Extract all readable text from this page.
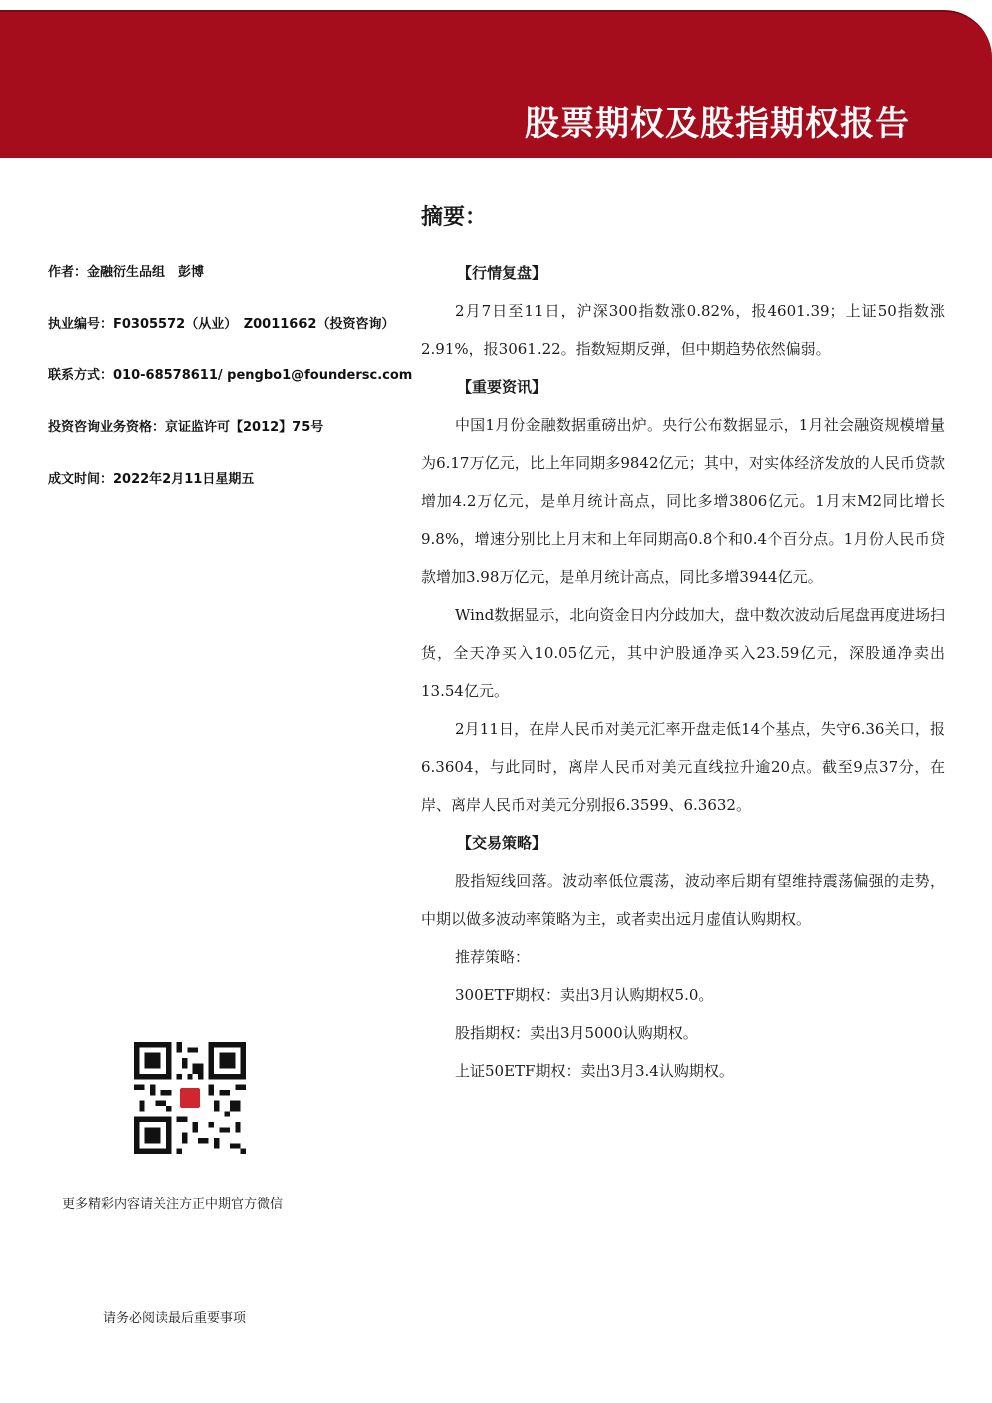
股票期权及股指期权报告
作者：金融衍生品组　彭博
执业编号：F0305572（从业）　Z0011662（投资咨询）
联系方式：010-68578611/ pengbo1@foundersc.com
投资咨询业务资格：京证监许可【2012】75号
成文时间：2022年2月11日星期五
摘要：
【行情复盘】
2月7日至11日，沪深300指数涨0.82%，报4601.39；上证50指数涨2.91%，报3061.22。指数短期反弹，但中期趋势依然偏弱。
【重要资讯】
中国1月份金融数据重磅出炉。央行公布数据显示，1月社会融资规模增量为6.17万亿元，比上年同期多9842亿元；其中，对实体经济发放的人民币贷款增加4.2万亿元，是单月统计高点，同比多增3806亿元。1月末M2同比增长9.8%，增速分别比上月末和上年同期高0.8个和0.4个百分点。1月份人民币贷款增加3.98万亿元，是单月统计高点，同比多增3944亿元。
Wind数据显示，北向资金日内分歧加大，盘中数次波动后尾盘再度进场扫货，全天净买入10.05亿元，其中沪股通净买入23.59亿元，深股通净卖出13.54亿元。
2月11日，在岸人民币对美元汇率开盘走低14个基点，失守6.36关口，报6.3604，与此同时，离岸人民币对美元直线拉升逾20点。截至9点37分，在岸、离岸人民币对美元分别报6.3599、6.3632。
【交易策略】
股指短线回落。波动率低位震荡，波动率后期有望维持震荡偏强的走势，中期以做多波动率策略为主，或者卖出远月虚值认购期权。
推荐策略：
300ETF期权：卖出3月认购期权5.0。
股指期权：卖出3月5000认购期权。
上证50ETF期权：卖出3月3.4认购期权。
更多精彩内容请关注方正中期官方微信
请务必阅读最后重要事项
